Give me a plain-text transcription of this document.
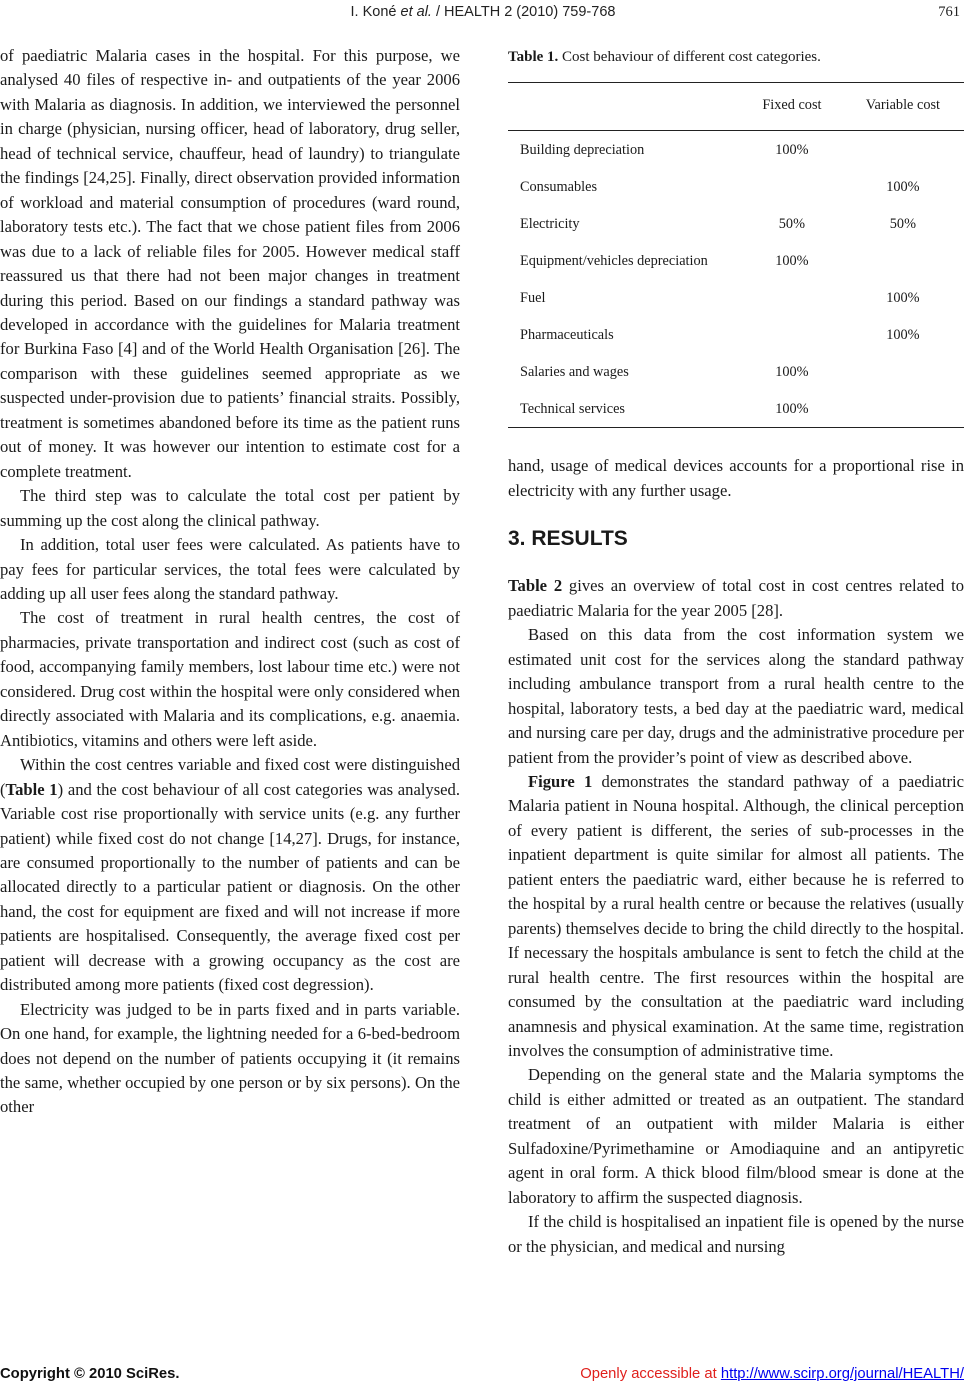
I. Koné et al. / HEALTH 2 (2010) 759-768	761

of paediatric Malaria cases in the hospital. For this purpose, we analysed 40 files of respective in- and outpatients of the year 2006 with Malaria as diagnosis. In addition, we interviewed the personnel in charge (physician, nursing officer, head of laboratory, drug seller, head of technical service, chauffeur, head of laundry) to triangulate the findings [24,25]. Finally, direct observation provided information of workload and material consumption of procedures (ward round, laboratory tests etc.). The fact that we chose patient files from 2006 was due to a lack of reliable files for 2005. However medical staff reassured us that there had not been major changes in treatment during this period. Based on our findings a standard pathway was developed in accordance with the guidelines for Malaria treatment for Burkina Faso [4] and of the World Health Organisation [26]. The comparison with these guidelines seemed appropriate as we suspected under-provision due to patients’ financial straits. Possibly, treatment is sometimes abandoned before its time as the patient runs out of money. It was however our intention to estimate cost for a complete treatment.

The third step was to calculate the total cost per patient by summing up the cost along the clinical pathway.

In addition, total user fees were calculated. As patients have to pay fees for particular services, the total fees were calculated by adding up all user fees along the standard pathway.

The cost of treatment in rural health centres, the cost of pharmacies, private transportation and indirect cost (such as cost of food, accompanying family members, lost labour time etc.) were not considered. Drug cost within the hospital were only considered when directly associated with Malaria and its complications, e.g. anaemia. Antibiotics, vitamins and others were left aside.

Within the cost centres variable and fixed cost were distinguished (Table 1) and the cost behaviour of all cost categories was analysed. Variable cost rise proportionally with service units (e.g. any further patient) while fixed cost do not change [14,27]. Drugs, for instance, are consumed proportionally to the number of patients and can be allocated directly to a particular patient or diagnosis. On the other hand, the cost for equipment are fixed and will not increase if more patients are hospitalised. Consequently, the average fixed cost per patient will decrease with a growing occupancy as the cost are distributed among more patients (fixed cost degression).

Electricity was judged to be in parts fixed and in parts variable. On one hand, for example, the lightning needed for a 6-bed-bedroom does not depend on the number of patients occupying it (it remains the same, whether occupied by one person or by six persons). On the other

Table 1. Cost behaviour of different cost categories.
	Fixed cost	Variable cost
Building depreciation	100%	
Consumables		100%
Electricity	50%	50%
Equipment/vehicles depreciation	100%	
Fuel		100%
Pharmaceuticals		100%
Salaries and wages	100%	
Technical services	100%	

hand, usage of medical devices accounts for a proportional rise in electricity with any further usage.

3. RESULTS

Table 2 gives an overview of total cost in cost centres related to paediatric Malaria for the year 2005 [28].

Based on this data from the cost information system we estimated unit cost for the services along the standard pathway including ambulance transport from a rural health centre to the hospital, laboratory tests, a bed day at the paediatric ward, medical and nursing care per day, drugs and the administrative procedure per patient from the provider’s point of view as described above.

Figure 1 demonstrates the standard pathway of a paediatric Malaria patient in Nouna hospital. Although, the clinical perception of every patient is different, the series of sub-processes in the inpatient department is quite similar for almost all patients. The patient enters the paediatric ward, either because he is referred to the hospital by a rural health centre or because the relatives (usually parents) themselves decide to bring the child directly to the hospital. If necessary the hospitals ambulance is sent to fetch the child at the rural health centre. The first resources within the hospital are consumed by the consultation at the paediatric ward including anamnesis and physical examination. At the same time, registration involves the consumption of administrative time.

Depending on the general state and the Malaria symptoms the child is either admitted or treated as an outpatient. The standard treatment of an outpatient with milder Malaria is either Sulfadoxine/Pyrimethamine or Amodiaquine and an antipyretic agent in oral form. A thick blood film/blood smear is done at the laboratory to affirm the suspected diagnosis.

If the child is hospitalised an inpatient file is opened by the nurse or the physician, and medical and nursing

Copyright © 2010 SciRes.	Openly accessible at http://www.scirp.org/journal/HEALTH/
